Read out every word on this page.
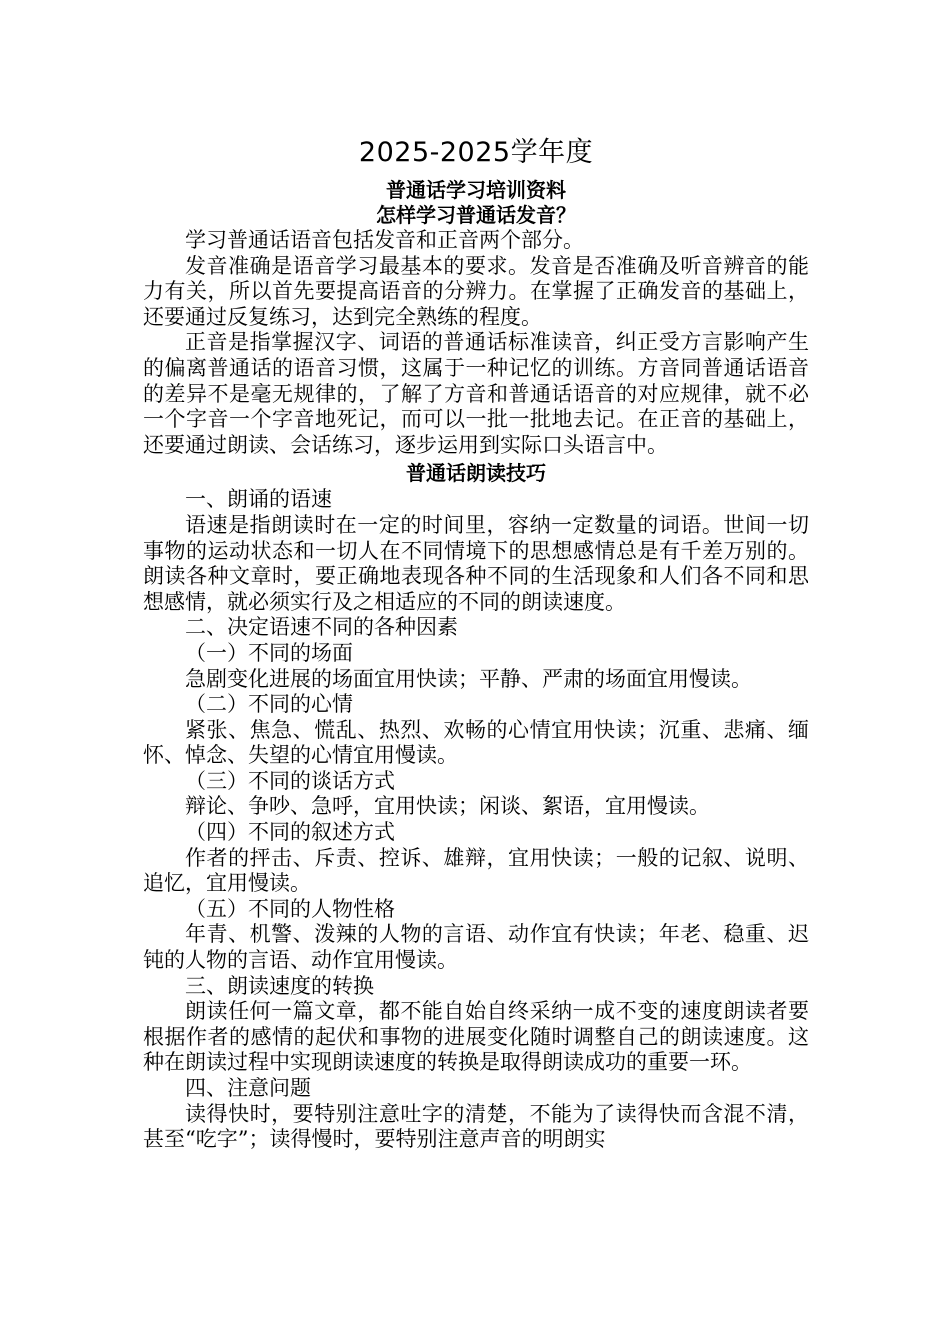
2025-2025学年度
普通话学习培训资料
怎样学习普通话发音？

学习普通话语音包括发音和正音两个部分。

发音准确是语音学习最基本的要求。发音是否准确及听音辨音的能力有关，所以首先要提高语音的分辨力。在掌握了正确发音的基础上，还要通过反复练习，达到完全熟练的程度。

正音是指掌握汉字、词语的普通话标准读音，纠正受方言影响产生的偏离普通话的语音习惯，这属于一种记忆的训练。方音同普通话语音的差异不是毫无规律的，了解了方音和普通话语音的对应规律，就不必一个字音一个字音地死记，而可以一批一批地去记。在正音的基础上，还要通过朗读、会话练习，逐步运用到实际口头语言中。

普通话朗读技巧

一、朗诵的语速

语速是指朗读时在一定的时间里，容纳一定数量的词语。世间一切事物的运动状态和一切人在不同情境下的思想感情总是有千差万别的。朗读各种文章时，要正确地表现各种不同的生活现象和人们各不同和思想感情，就必须实行及之相适应的不同的朗读速度。

二、决定语速不同的各种因素

（一）不同的场面

急剧变化进展的场面宜用快读；平静、严肃的场面宜用慢读。

（二）不同的心情

紧张、焦急、慌乱、热烈、欢畅的心情宜用快读；沉重、悲痛、缅怀、悼念、失望的心情宜用慢读。

（三）不同的谈话方式

辩论、争吵、急呼，宜用快读；闲谈、絮语，宜用慢读。

（四）不同的叙述方式

作者的抨击、斥责、控诉、雄辩，宜用快读；一般的记叙、说明、追忆，宜用慢读。

（五）不同的人物性格

年青、机警、泼辣的人物的言语、动作宜有快读；年老、稳重、迟钝的人物的言语、动作宜用慢读。

三、朗读速度的转换

朗读任何一篇文章，都不能自始自终采纳一成不变的速度朗读者要根据作者的感情的起伏和事物的进展变化随时调整自己的朗读速度。这种在朗读过程中实现朗读速度的转换是取得朗读成功的重要一环。

四、注意问题

读得快时，要特别注意吐字的清楚，不能为了读得快而含混不清，甚至“吃字”；读得慢时，要特别注意声音的明朗实
